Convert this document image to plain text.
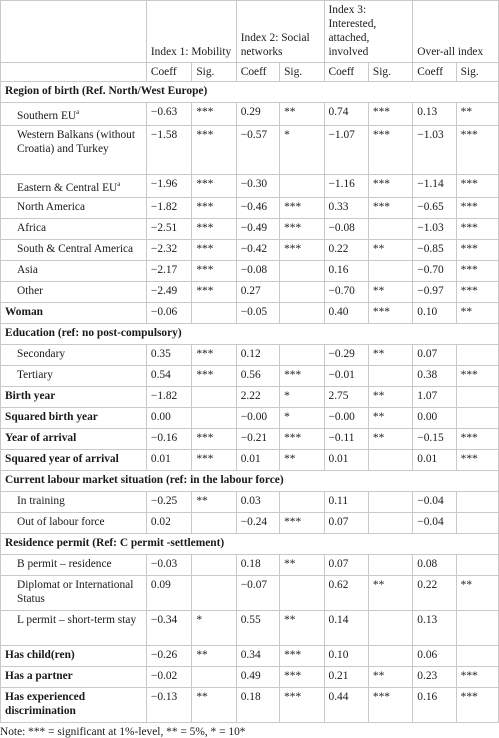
	Index 1: Mobility		Index 2: Social networks		Index 3: Interested, attached, involved		Over-all index	
	Coeff	Sig.	Coeff	Sig.	Coeff	Sig.	Coeff	Sig.
Region of birth (Ref. North/West Europe)								
Southern $EU^a$	−0.63	***	0.29	**	0.74	***	0.13	**
Western Balkans (without Croatia) and Turkey	−1.58	***	−0.57	*	−1.07	***	−1.03	***
Eastern & Central $EU^a$	−1.96	***	−0.30		−1.16	***	−1.14	***
North America	−1.82	***	−0.46	***	0.33	***	−0.65	***
Africa	−2.51	***	−0.49	***	−0.08		−1.03	***
South & Central America	−2.32	***	−0.42	***	0.22	**	−0.85	***
Asia	−2.17	***	−0.08		0.16		−0.70	***
Other	−2.49	***	0.27		−0.70	**	−0.97	***
Woman	−0.06		−0.05		0.40	***	0.10	**
Education (ref: no post-compulsory)								
Secondary	0.35	***	0.12		−0.29	**	0.07	
Tertiary	0.54	***	0.56	***	−0.01		0.38	***
Birth year	−1.82		2.22	*	2.75	**	1.07	
Squared birth year	0.00		−0.00	*	−0.00	**	0.00	
Year of arrival	−0.16	***	−0.21	***	−0.11	**	−0.15	***
Squared year of arrival	0.01	***	0.01	**	0.01		0.01	***
Current labour market situation (ref: in the labour force)								
In training	−0.25	**	0.03		0.11		−0.04	
Out of labour force	0.02		−0.24	***	0.07		−0.04	
Residence permit (Ref: C permit -settlement)								
B permit – residence	−0.03		0.18	**	0.07		0.08	
Diplomat or International Status	0.09		−0.07		0.62	**	0.22	**
L permit – short-term stay	−0.34	*	0.55	**	0.14		0.13	
Has child(ren)	−0.26	**	0.34	***	0.10		0.06	
Has a partner	−0.02		0.49	***	0.21	**	0.23	***
Has experienced discrimination	−0.13	**	0.18	***	0.44	***	0.16	***
Note: *** = significant at 1%-level, ** = 5%, * = 10*
